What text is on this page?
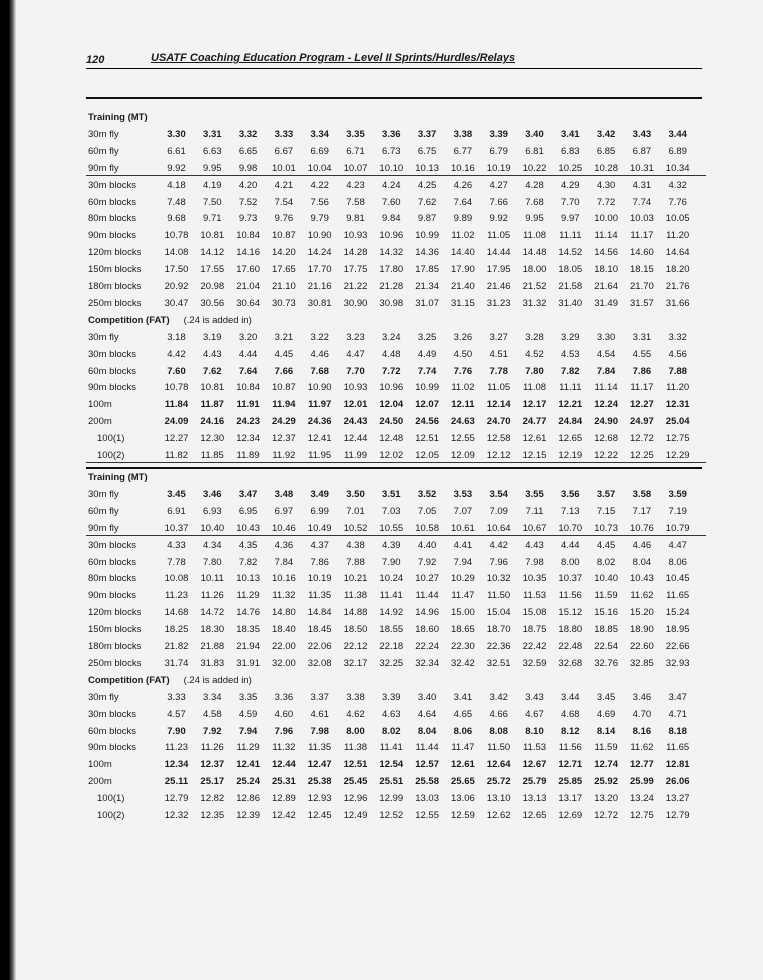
120	USATF Coaching Education Program - Level II Sprints/Hurdles/Relays
Training (MT)
30m fly	3.30	3.31	3.32	3.33	3.34	3.35	3.36	3.37	3.38	3.39	3.40	3.41	3.42	3.43	3.44
60m fly	6.61	6.63	6.65	6.67	6.69	6.71	6.73	6.75	6.77	6.79	6.81	6.83	6.85	6.87	6.89
90m fly	9.92	9.95	9.98	10.01	10.04	10.07	10.10	10.13	10.16	10.19	10.22	10.25	10.28	10.31	10.34
30m blocks	4.18	4.19	4.20	4.21	4.22	4.23	4.24	4.25	4.26	4.27	4.28	4.29	4.30	4.31	4.32
60m blocks	7.48	7.50	7.52	7.54	7.56	7.58	7.60	7.62	7.64	7.66	7.68	7.70	7.72	7.74	7.76
80m blocks	9.68	9.71	9.73	9.76	9.79	9.81	9.84	9.87	9.89	9.92	9.95	9.97	10.00	10.03	10.05
90m blocks	10.78	10.81	10.84	10.87	10.90	10.93	10.96	10.99	11.02	11.05	11.08	11.11	11.14	11.17	11.20
120m blocks	14.08	14.12	14.16	14.20	14.24	14.28	14.32	14.36	14.40	14.44	14.48	14.52	14.56	14.60	14.64
150m blocks	17.50	17.55	17.60	17.65	17.70	17.75	17.80	17.85	17.90	17.95	18.00	18.05	18.10	18.15	18.20
180m blocks	20.92	20.98	21.04	21.10	21.16	21.22	21.28	21.34	21.40	21.46	21.52	21.58	21.64	21.70	21.76
250m blocks	30.47	30.56	30.64	30.73	30.81	30.90	30.98	31.07	31.15	31.23	31.32	31.40	31.49	31.57	31.66
Competition (FAT) (.24 is added in)
30m fly	3.18	3.19	3.20	3.21	3.22	3.23	3.24	3.25	3.26	3.27	3.28	3.29	3.30	3.31	3.32
30m blocks	4.42	4.43	4.44	4.45	4.46	4.47	4.48	4.49	4.50	4.51	4.52	4.53	4.54	4.55	4.56
60m blocks	7.60	7.62	7.64	7.66	7.68	7.70	7.72	7.74	7.76	7.78	7.80	7.82	7.84	7.86	7.88
90m blocks	10.78	10.81	10.84	10.87	10.90	10.93	10.96	10.99	11.02	11.05	11.08	11.11	11.14	11.17	11.20
100m	11.84	11.87	11.91	11.94	11.97	12.01	12.04	12.07	12.11	12.14	12.17	12.21	12.24	12.27	12.31
200m	24.09	24.16	24.23	24.29	24.36	24.43	24.50	24.56	24.63	24.70	24.77	24.84	24.90	24.97	25.04
100(1)	12.27	12.30	12.34	12.37	12.41	12.44	12.48	12.51	12.55	12.58	12.61	12.65	12.68	12.72	12.75
100(2)	11.82	11.85	11.89	11.92	11.95	11.99	12.02	12.05	12.09	12.12	12.15	12.19	12.22	12.25	12.29
Training (MT)
30m fly	3.45	3.46	3.47	3.48	3.49	3.50	3.51	3.52	3.53	3.54	3.55	3.56	3.57	3.58	3.59
60m fly	6.91	6.93	6.95	6.97	6.99	7.01	7.03	7.05	7.07	7.09	7.11	7.13	7.15	7.17	7.19
90m fly	10.37	10.40	10.43	10.46	10.49	10.52	10.55	10.58	10.61	10.64	10.67	10.70	10.73	10.76	10.79
30m blocks	4.33	4.34	4.35	4.36	4.37	4.38	4.39	4.40	4.41	4.42	4.43	4.44	4.45	4.46	4.47
60m blocks	7.78	7.80	7.82	7.84	7.86	7.88	7.90	7.92	7.94	7.96	7.98	8.00	8.02	8.04	8.06
80m blocks	10.08	10.11	10.13	10.16	10.19	10.21	10.24	10.27	10.29	10.32	10.35	10.37	10.40	10.43	10.45
90m blocks	11.23	11.26	11.29	11.32	11.35	11.38	11.41	11.44	11.47	11.50	11.53	11.56	11.59	11.62	11.65
120m blocks	14.68	14.72	14.76	14.80	14.84	14.88	14.92	14.96	15.00	15.04	15.08	15.12	15.16	15.20	15.24
150m blocks	18.25	18.30	18.35	18.40	18.45	18.50	18.55	18.60	18.65	18.70	18.75	18.80	18.85	18.90	18.95
180m blocks	21.82	21.88	21.94	22.00	22.06	22.12	22.18	22.24	22.30	22.36	22.42	22.48	22.54	22.60	22.66
250m blocks	31.74	31.83	31.91	32.00	32.08	32.17	32.25	32.34	32.42	32.51	32.59	32.68	32.76	32.85	32.93
Competition (FAT) (.24 is added in)
30m fly	3.33	3.34	3.35	3.36	3.37	3.38	3.39	3.40	3.41	3.42	3.43	3.44	3.45	3.46	3.47
30m blocks	4.57	4.58	4.59	4.60	4.61	4.62	4.63	4.64	4.65	4.66	4.67	4.68	4.69	4.70	4.71
60m blocks	7.90	7.92	7.94	7.96	7.98	8.00	8.02	8.04	8.06	8.08	8.10	8.12	8.14	8.16	8.18
90m blocks	11.23	11.26	11.29	11.32	11.35	11.38	11.41	11.44	11.47	11.50	11.53	11.56	11.59	11.62	11.65
100m	12.34	12.37	12.41	12.44	12.47	12.51	12.54	12.57	12.61	12.64	12.67	12.71	12.74	12.77	12.81
200m	25.11	25.17	25.24	25.31	25.38	25.45	25.51	25.58	25.65	25.72	25.79	25.85	25.92	25.99	26.06
100(1)	12.79	12.82	12.86	12.89	12.93	12.96	12.99	13.03	13.06	13.10	13.13	13.17	13.20	13.24	13.27
100(2)	12.32	12.35	12.39	12.42	12.45	12.49	12.52	12.55	12.59	12.62	12.65	12.69	12.72	12.75	12.79
